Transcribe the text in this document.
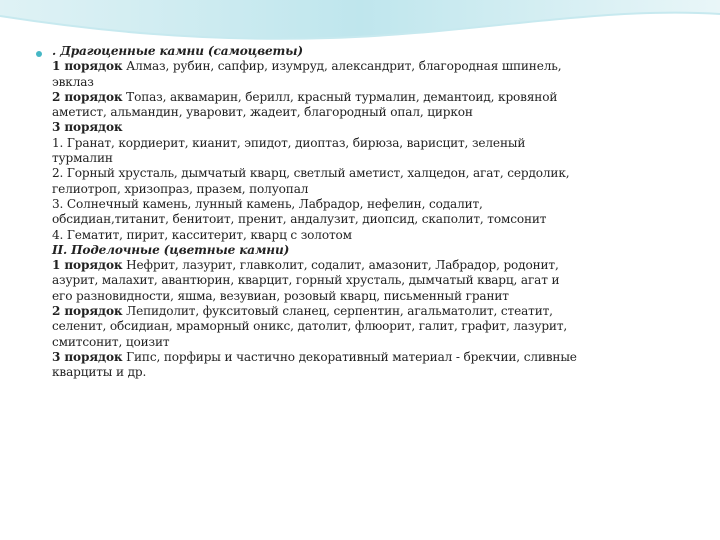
. Драгоценные камни (самоцветы)
1 порядок Алмаз, рубин, сапфир, изумруд, александрит, благородная шпинель,
эвклаз
2 порядок Топаз, аквамарин, берилл, красный турмалин, демантоид, кровяной
аметист, альмандин, уваровит, жадеит, благородный опал, циркон
3 порядок
1. Гранат, кордиерит, кианит, эпидот, диоптаз, бирюза, варисцит, зеленый
турмалин
2. Горный хрусталь, дымчатый кварц, светлый аметист, халцедон, агат, сердолик,
гелиотроп, хризопраз, празем, полуопал
3. Солнечный камень, лунный камень, Лабрадор, нефелин, содалит,
обсидиан,титанит, бенитоит, пренит, андалузит, диопсид, скаполит, томсонит
4. Гематит, пирит, касситерит, кварц с золотом
II. Поделочные (цветные камни)
1 порядок Нефрит, лазурит, главколит, содалит, амазонит, Лабрадор, родонит,
азурит, малахит, авантюрин, кварцит, горный хрусталь, дымчатый кварц, агат и
его разновидности, яшма, везувиан, розовый кварц, письменный гранит
2 порядок Лепидолит, фукситовый сланец, серпентин, агальматолит, стеатит,
селенит, обсидиан, мраморный оникс, датолит, флюорит, галит, графит, лазурит,
смитсонит, цоизит
3 порядок Гипс, порфиры и частично декоративный материал - брекчии, сливные
кварциты и др.
